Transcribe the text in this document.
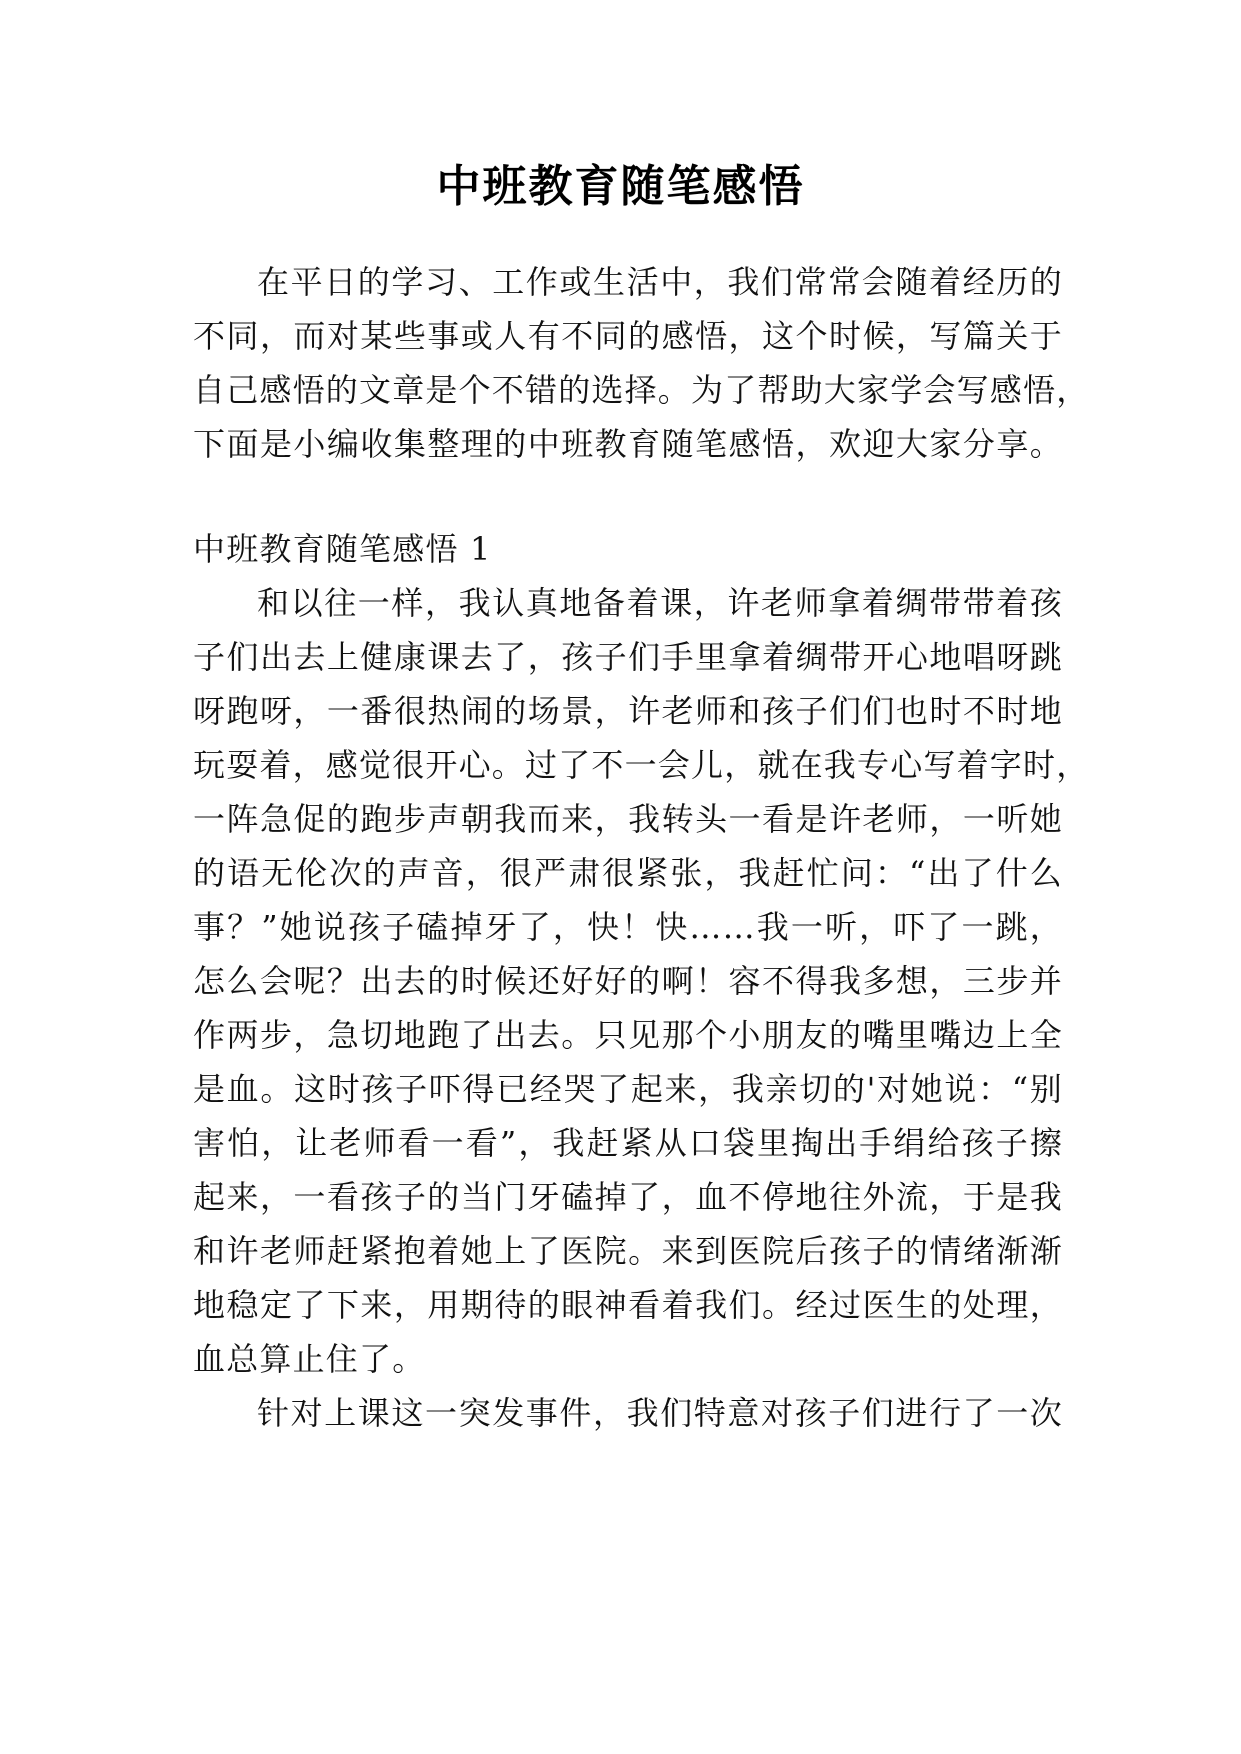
中班教育随笔感悟
在平日的学习、工作或生活中，我们常常会随着经历的
不同，而对某些事或人有不同的感悟，这个时候，写篇关于
自己感悟的文章是个不错的选择。为了帮助大家学会写感悟，
下面是小编收集整理的中班教育随笔感悟，欢迎大家分享。
中班教育随笔感悟 1
和以往一样，我认真地备着课，许老师拿着绸带带着孩
子们出去上健康课去了，孩子们手里拿着绸带开心地唱呀跳
呀跑呀，一番很热闹的场景，许老师和孩子们们也时不时地
玩耍着，感觉很开心。过了不一会儿，就在我专心写着字时，
一阵急促的跑步声朝我而来，我转头一看是许老师，一听她
的语无伦次的声音，很严肃很紧张，我赶忙问：“出了什么
事？”她说孩子磕掉牙了，快！快……我一听，吓了一跳，
怎么会呢？出去的时候还好好的啊！容不得我多想，三步并
作两步，急切地跑了出去。只见那个小朋友的嘴里嘴边上全
是血。这时孩子吓得已经哭了起来，我亲切的'对她说：“别
害怕，让老师看一看”，我赶紧从口袋里掏出手绢给孩子擦
起来，一看孩子的当门牙磕掉了，血不停地往外流，于是我
和许老师赶紧抱着她上了医院。来到医院后孩子的情绪渐渐
地稳定了下来，用期待的眼神看着我们。经过医生的处理，
血总算止住了。
针对上课这一突发事件，我们特意对孩子们进行了一次
